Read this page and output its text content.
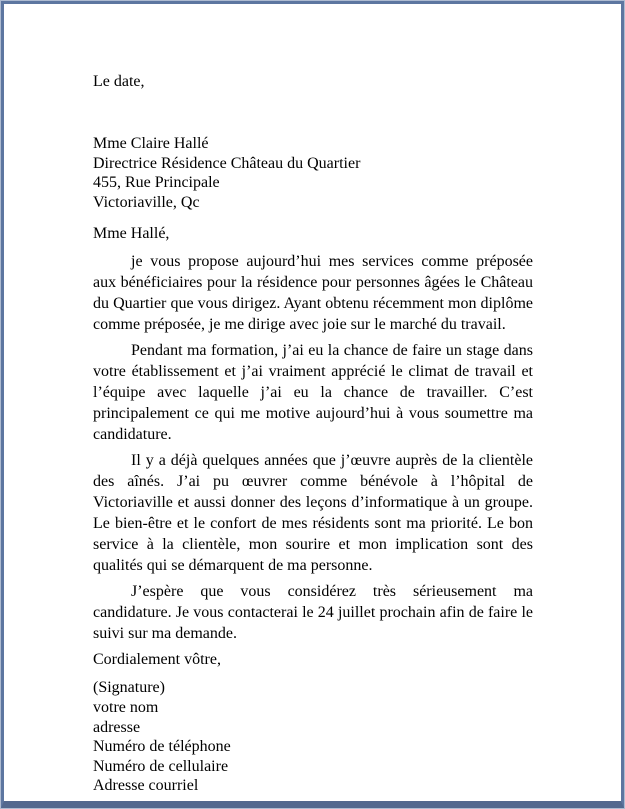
Le date,

Mme Claire Hallé
Directrice Résidence Château du Quartier
455, Rue Principale
Victoriaville, Qc

Mme Hallé,

je vous propose aujourd’hui mes services comme préposée aux bénéficiaires pour la résidence pour personnes âgées le Château du Quartier que vous dirigez. Ayant obtenu récemment mon diplôme comme préposée, je me dirige avec joie sur le marché du travail.

Pendant ma formation, j’ai eu la chance de faire un stage dans votre établissement et j’ai vraiment apprécié le climat de travail et l’équipe avec laquelle j’ai eu la chance de travailler. C’est principalement ce qui me motive aujourd’hui à vous soumettre ma candidature.

Il y a déjà quelques années que j’œuvre auprès de la clientèle des aînés. J’ai pu œuvrer comme bénévole à l’hôpital de Victoriaville et aussi donner des leçons d’informatique à un groupe. Le bien-être et le confort de mes résidents sont ma priorité. Le bon service à la clientèle, mon sourire et mon implication sont des qualités qui se démarquent de ma personne.

J’espère que vous considérez très sérieusement ma candidature. Je vous contacterai le 24 juillet prochain afin de faire le suivi sur ma demande.

Cordialement vôtre,

(Signature)
votre nom
adresse
Numéro de téléphone
Numéro de cellulaire
Adresse courriel
